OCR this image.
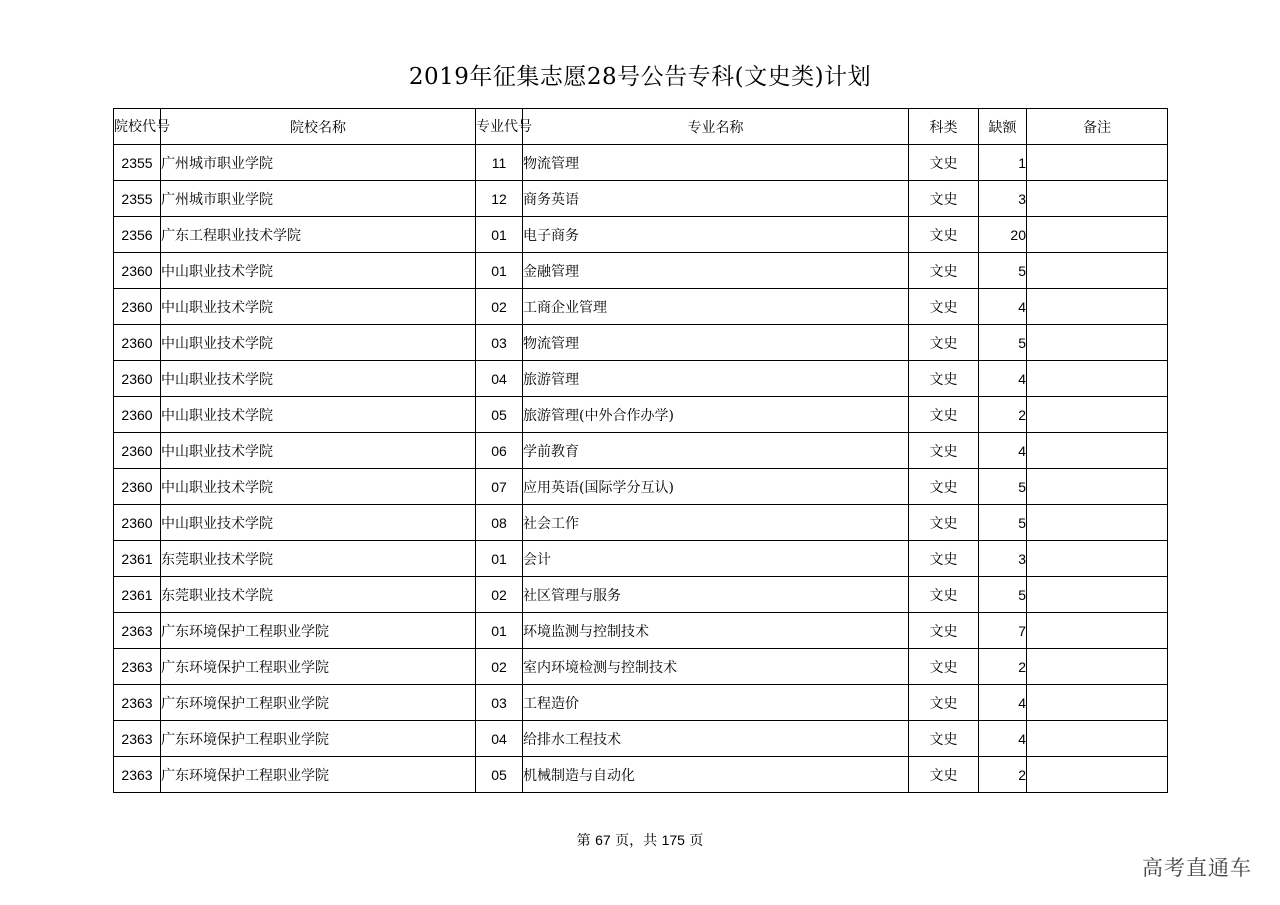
2019年征集志愿28号公告专科(文史类)计划
院校代号	院校名称	专业代号	专业名称	科类	缺额	备注
2355	广州城市职业学院	11	物流管理	文史	1	
2355	广州城市职业学院	12	商务英语	文史	3	
2356	广东工程职业技术学院	01	电子商务	文史	20	
2360	中山职业技术学院	01	金融管理	文史	5	
2360	中山职业技术学院	02	工商企业管理	文史	4	
2360	中山职业技术学院	03	物流管理	文史	5	
2360	中山职业技术学院	04	旅游管理	文史	4	
2360	中山职业技术学院	05	旅游管理(中外合作办学)	文史	2	
2360	中山职业技术学院	06	学前教育	文史	4	
2360	中山职业技术学院	07	应用英语(国际学分互认)	文史	5	
2360	中山职业技术学院	08	社会工作	文史	5	
2361	东莞职业技术学院	01	会计	文史	3	
2361	东莞职业技术学院	02	社区管理与服务	文史	5	
2363	广东环境保护工程职业学院	01	环境监测与控制技术	文史	7	
2363	广东环境保护工程职业学院	02	室内环境检测与控制技术	文史	2	
2363	广东环境保护工程职业学院	03	工程造价	文史	4	
2363	广东环境保护工程职业学院	04	给排水工程技术	文史	4	
2363	广东环境保护工程职业学院	05	机械制造与自动化	文史	2	
第 67 页，共 175 页
高考直通车
